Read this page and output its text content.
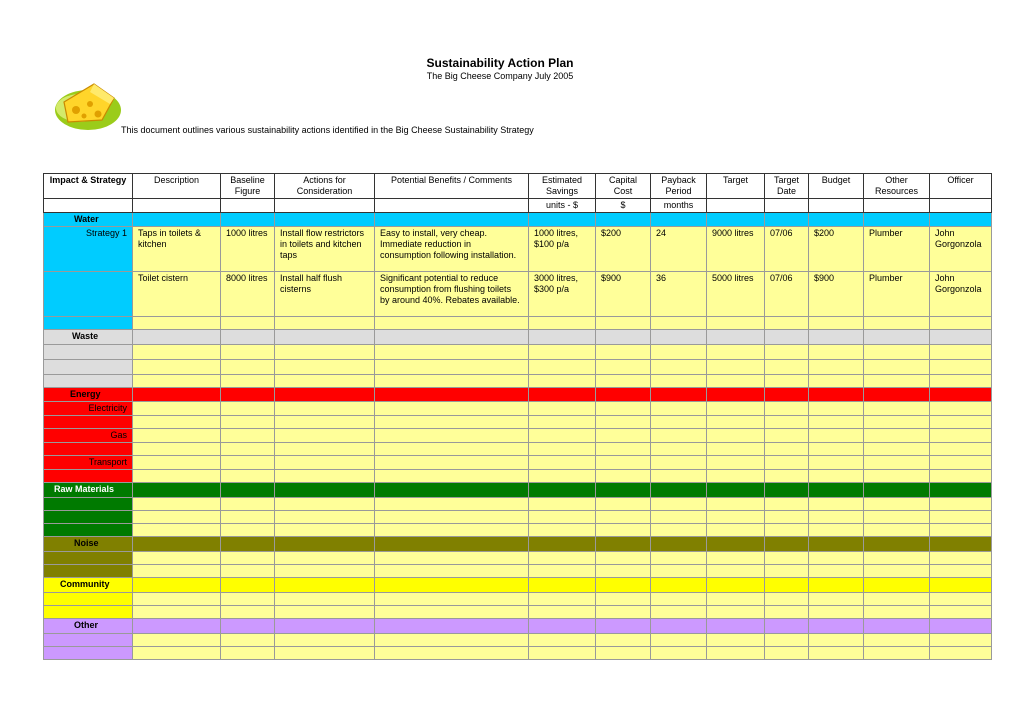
Sustainability Action Plan
The Big Cheese Company July 2005
This document outlines various sustainability actions identified in the Big Cheese Sustainability Strategy
Impact & Strategy	Description	Baseline Figure	Actions for Consideration	Potential Benefits / Comments	Estimated Savings	Capital Cost	Payback Period	Target	Target Date	Budget	Other Resources	Officer
					units - $	$	months					
Water												
Strategy 1	Taps in toilets & kitchen	1000 litres	Install flow restrictors in toilets and kitchen taps	Easy to install, very cheap. Immediate reduction in consumption following installation.	1000 litres, $100 p/a	$200	24	9000 litres	07/06	$200	Plumber	John Gorgonzola
	Toilet cistern	8000 litres	Install half flush cisterns	Significant potential to reduce consumption from flushing toilets by around 40%. Rebates available.	3000 litres, $300 p/a	$900	36	5000 litres	07/06	$900	Plumber	John Gorgonzola

Waste												

Energy												
Electricity												

Gas												

Transport												

Raw Materials												

Noise												

Community												

Other												
